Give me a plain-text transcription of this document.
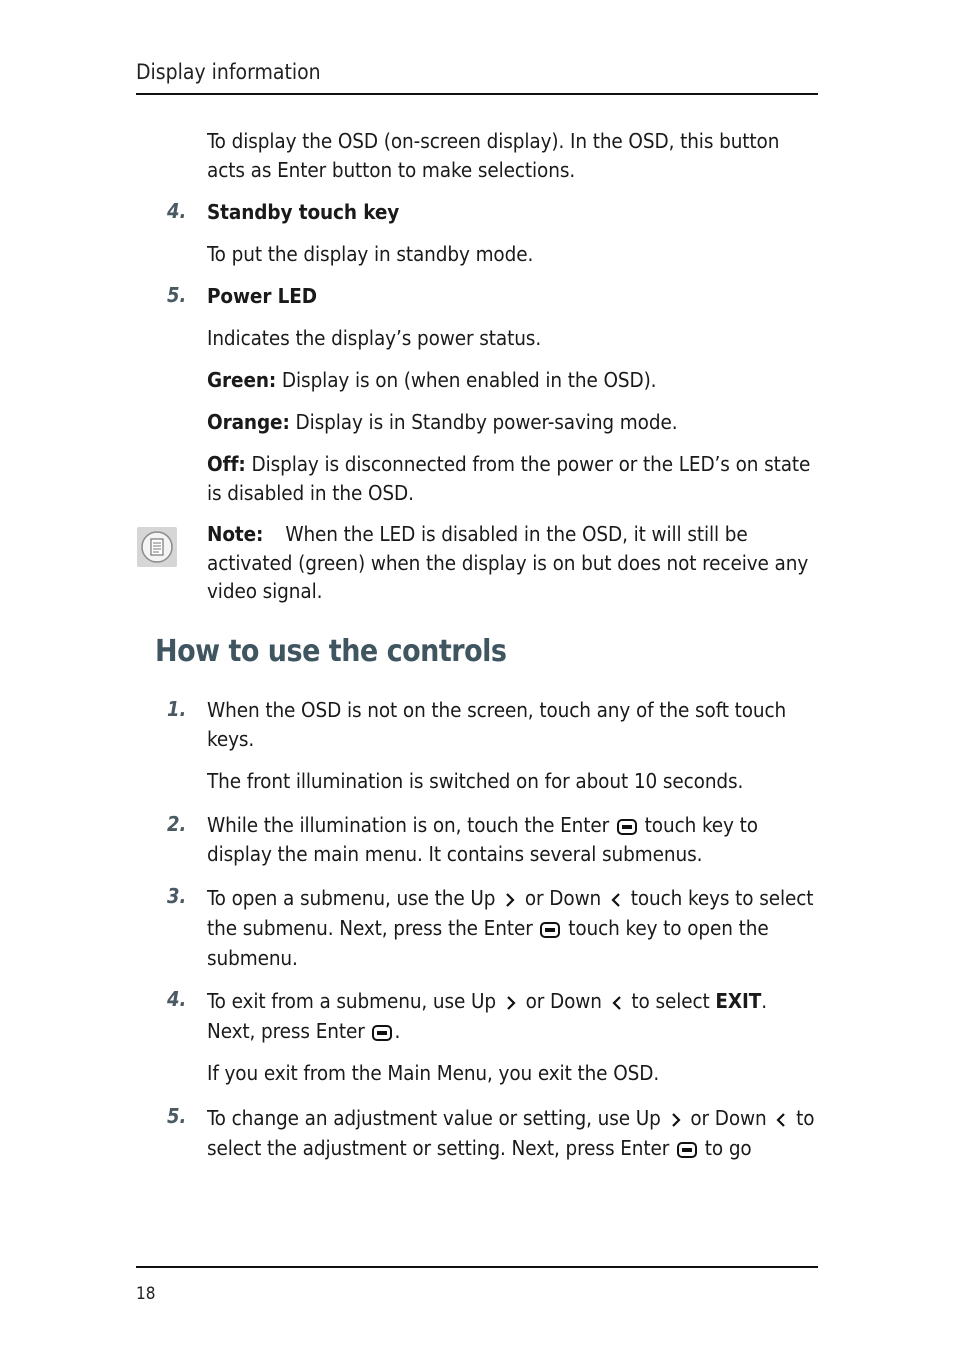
Display information
To display the OSD (on-screen display). In the OSD, this button acts as Enter button to make selections.
4. Standby touch key
To put the display in standby mode.
5. Power LED
Indicates the display’s power status.
Green: Display is on (when enabled in the OSD).
Orange: Display is in Standby power-saving mode.
Off: Display is disconnected from the power or the LED’s on state is disabled in the OSD.
Note: When the LED is disabled in the OSD, it will still be activated (green) when the display is on but does not receive any video signal.
How to use the controls
1. When the OSD is not on the screen, touch any of the soft touch keys.
The front illumination is switched on for about 10 seconds.
2. While the illumination is on, touch the Enter touch key to display the main menu. It contains several submenus.
3. To open a submenu, use the Up or Down touch keys to select the submenu. Next, press the Enter touch key to open the submenu.
4. To exit from a submenu, use Up or Down to select EXIT. Next, press Enter .
If you exit from the Main Menu, you exit the OSD.
5. To change an adjustment value or setting, use Up or Down to select the adjustment or setting. Next, press Enter to go
18
